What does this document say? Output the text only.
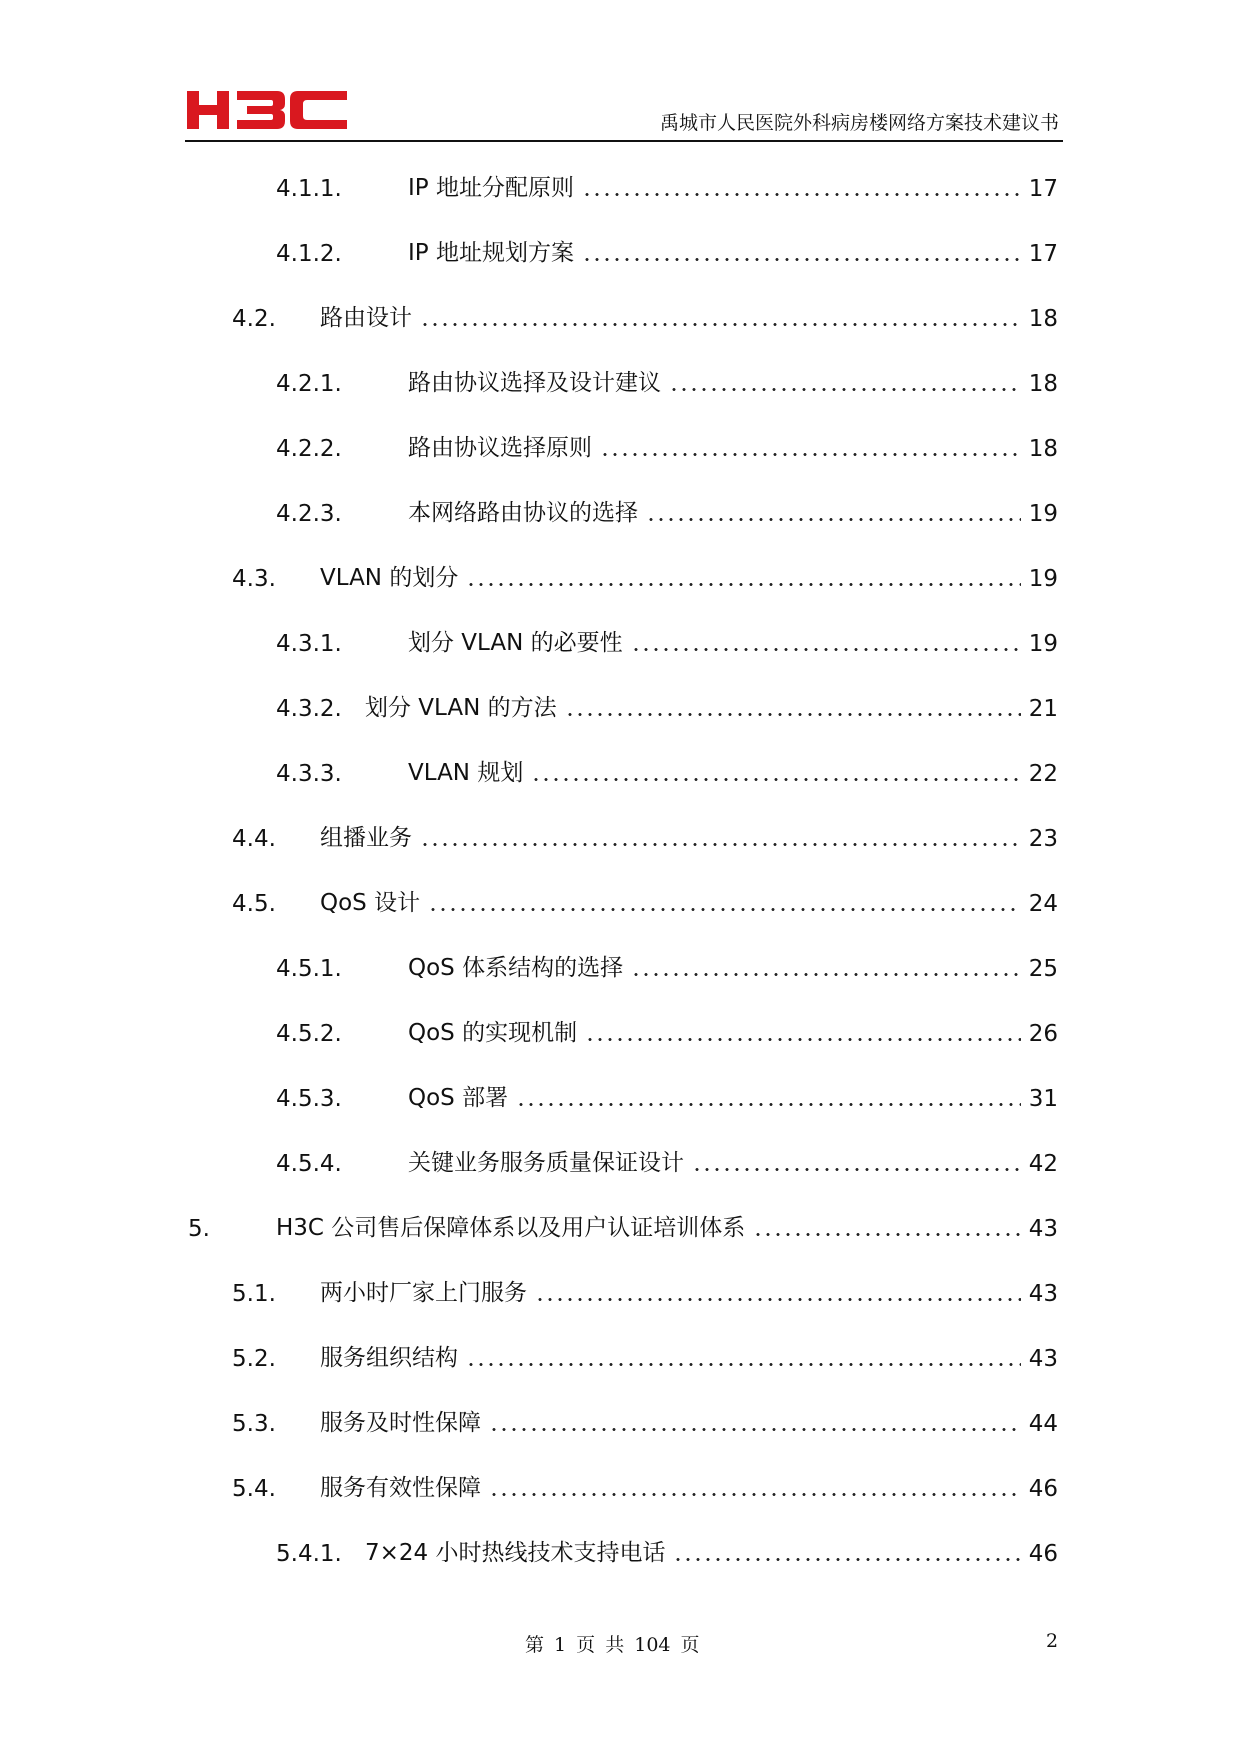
禹城市人民医院外科病房楼网络方案技术建议书
4.1.1.	IP 地址分配原则	17
4.1.2.	IP 地址规划方案	17
4.2. 路由设计	18
4.2.1.	路由协议选择及设计建议	18
4.2.2.	路由协议选择原则	18
4.2.3.	本网络路由协议的选择	19
4.3. VLAN 的划分	19
4.3.1.	划分 VLAN 的必要性	19
4.3.2. 划分 VLAN 的方法	21
4.3.3.	VLAN 规划	22
4.4. 组播业务	23
4.5. QoS 设计	24
4.5.1.	QoS 体系结构的选择	25
4.5.2.	QoS 的实现机制	26
4.5.3.	QoS 部署	31
4.5.4.	关键业务服务质量保证设计	42
5.	H3C 公司售后保障体系以及用户认证培训体系	43
5.1. 两小时厂家上门服务	43
5.2. 服务组织结构	43
5.3. 服务及时性保障	44
5.4. 服务有效性保障	46
5.4.1. 7×24 小时热线技术支持电话	46
第 1 页 共 104 页	2
